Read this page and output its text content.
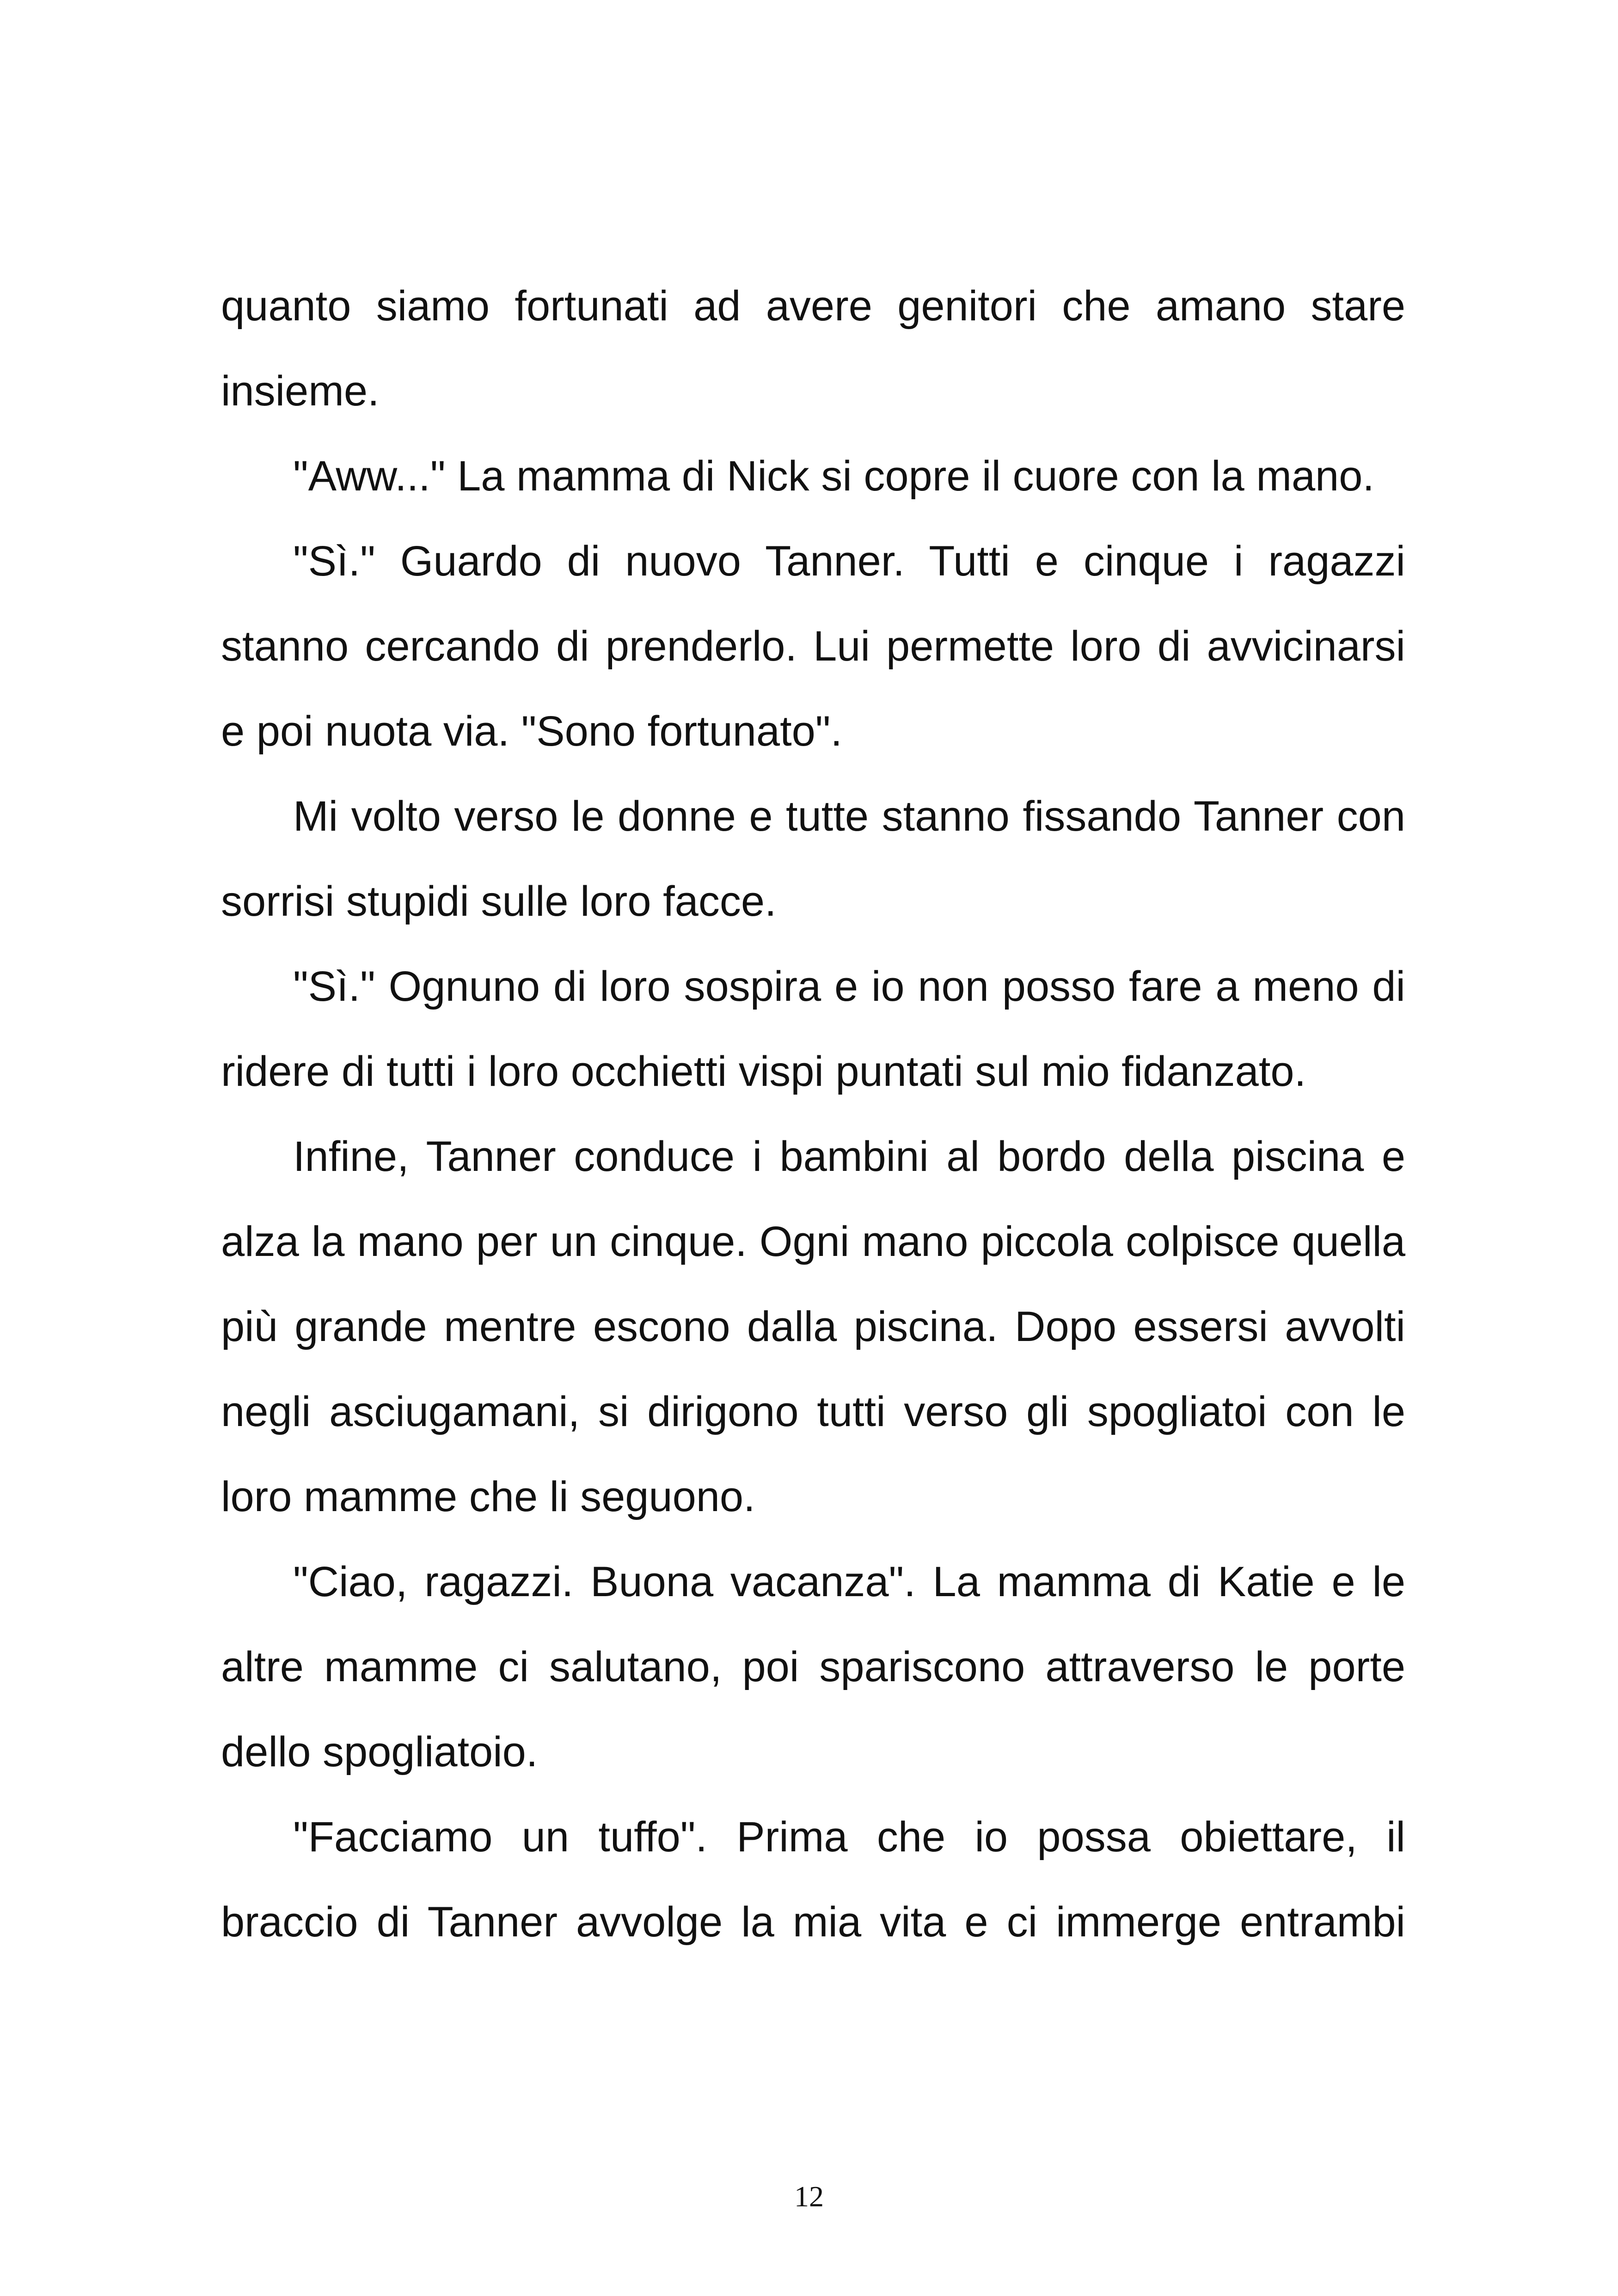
quanto siamo fortunati ad avere genitori che amano stare
insieme.
"Aww..." La mamma di Nick si copre il cuore con la mano.
"Sì." Guardo di nuovo Tanner. Tutti e cinque i ragazzi
stanno cercando di prenderlo. Lui permette loro di avvicinarsi
e poi nuota via. "Sono fortunato".
Mi volto verso le donne e tutte stanno fissando Tanner con
sorrisi stupidi sulle loro facce.
"Sì." Ognuno di loro sospira e io non posso fare a meno di
ridere di tutti i loro occhietti vispi puntati sul mio fidanzato.
Infine, Tanner conduce i bambini al bordo della piscina e
alza la mano per un cinque. Ogni mano piccola colpisce quella
più grande mentre escono dalla piscina. Dopo essersi avvolti
negli asciugamani, si dirigono tutti verso gli spogliatoi con le
loro mamme che li seguono.
"Ciao, ragazzi. Buona vacanza". La mamma di Katie e le
altre mamme ci salutano, poi spariscono attraverso le porte
dello spogliatoio.
"Facciamo un tuffo". Prima che io possa obiettare, il
braccio di Tanner avvolge la mia vita e ci immerge entrambi
12
